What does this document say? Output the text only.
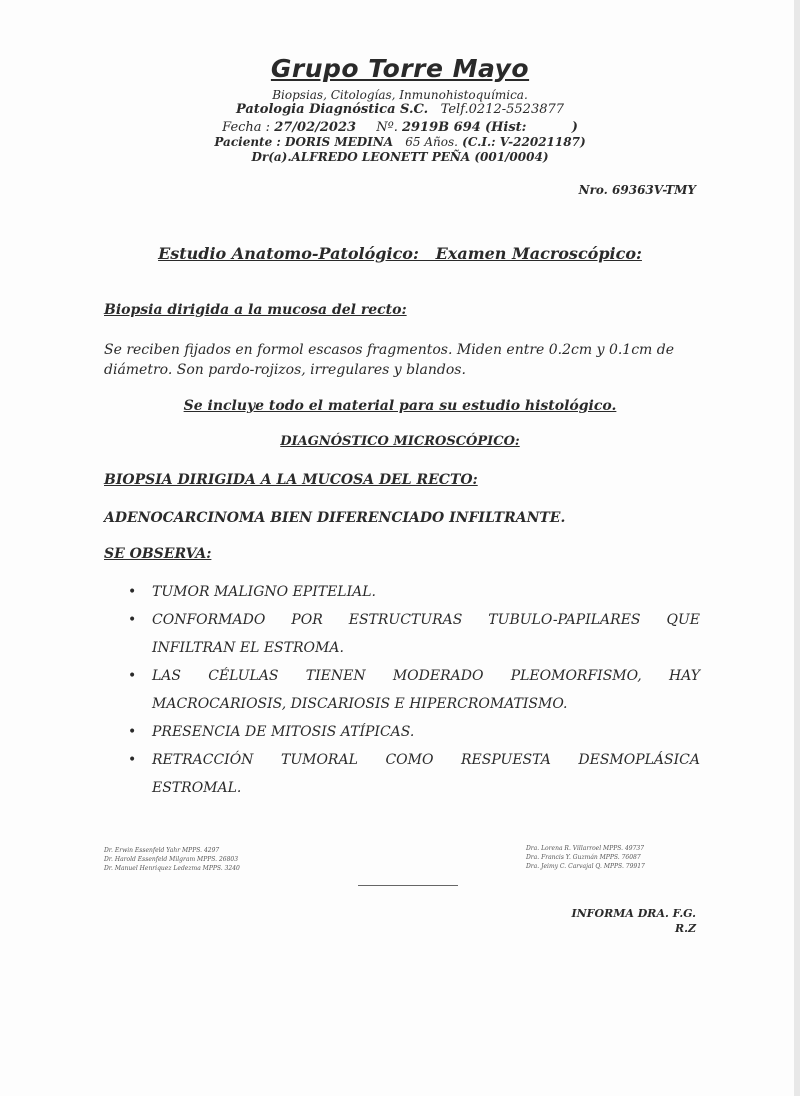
Grupo Torre Mayo
Biopsias, Citologías, Inmunohistoquímica.
Patologia Diagnóstica S.C. Telf.0212-5523877
Fecha : 27/02/2023 Nº. 2919B 694 (Hist:          )
Paciente : DORIS MEDINA 65 Años. (C.I.: V-22021187)
Dr(a).ALFREDO LEONETT PEÑA (001/0004)
Nro. 69363V-TMY
Estudio Anatomo-Patológico:   Examen Macroscópico:
Biopsia dirigida a la mucosa del recto:
Se reciben fijados en formol escasos fragmentos. Miden entre 0.2cm y 0.1cm de diámetro. Son pardo-rojizos, irregulares y blandos.
Se incluye todo el material para su estudio histológico.
DIAGNÓSTICO MICROSCÓPICO:
BIOPSIA DIRIGIDA A LA MUCOSA DEL RECTO:
ADENOCARCINOMA BIEN DIFERENCIADO INFILTRANTE.
SE OBSERVA:
• TUMOR MALIGNO EPITELIAL.
• CONFORMADO POR ESTRUCTURAS TUBULO-PAPILARES QUE INFILTRAN EL ESTROMA.
• LAS CÉLULAS TIENEN MODERADO PLEOMORFISMO, HAY MACROCARIOSIS, DISCARIOSIS E HIPERCROMATISMO.
• PRESENCIA DE MITOSIS ATÍPICAS.
• RETRACCIÓN TUMORAL COMO RESPUESTA DESMOPLÁSICA ESTROMAL.
Dr. Erwin Essenfeld Yahr MPPS. 4297
Dr. Harold Essenfeld Milgram MPPS. 26803
Dr. Manuel Henriquez Ledezma MPPS. 3240
Dra. Lorena R. Villarroel MPPS. 49737
Dra. Francis Y. Guzmán MPPS. 76087
Dra. Jeimy C. Carvajal Q. MPPS. 79917
INFORMA DRA. F.G.
R.Z
